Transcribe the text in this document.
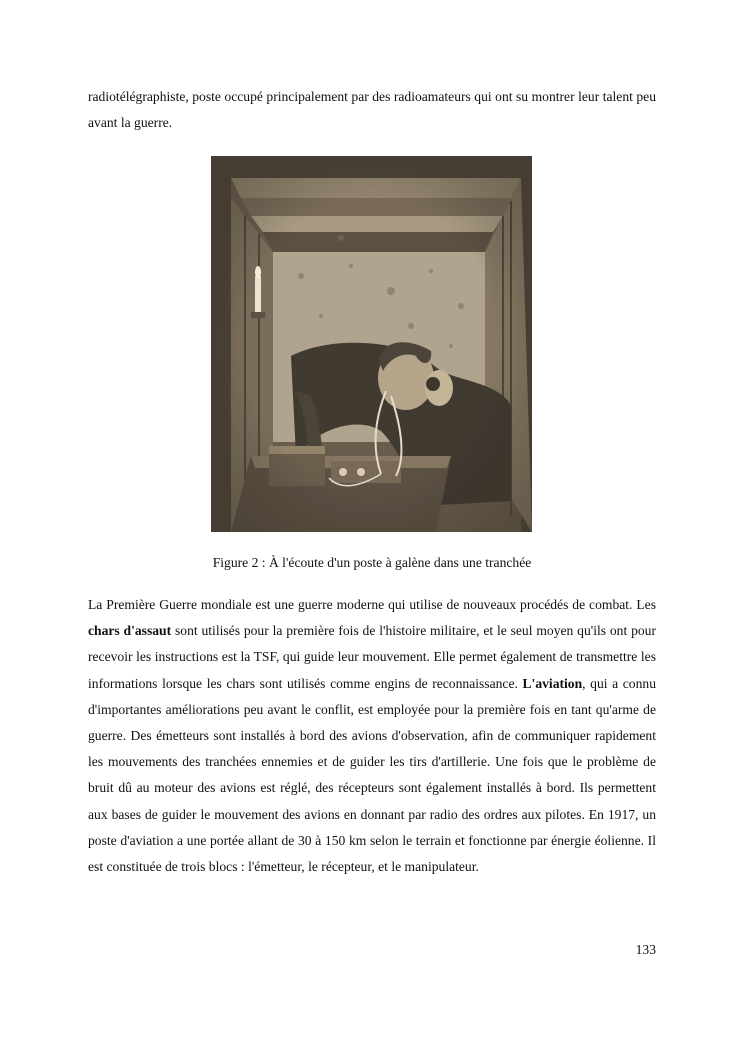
radiotélégraphiste, poste occupé principalement par des radioamateurs qui ont su montrer leur talent peu avant la guerre.

Figure 2 : À l'écoute d'un poste à galène dans une tranchée

La Première Guerre mondiale est une guerre moderne qui utilise de nouveaux procédés de combat. Les chars d'assaut sont utilisés pour la première fois de l'histoire militaire, et le seul moyen qu'ils ont pour recevoir les instructions est la TSF, qui guide leur mouvement. Elle permet également de transmettre les informations lorsque les chars sont utilisés comme engins de reconnaissance. L'aviation, qui a connu d'importantes améliorations peu avant le conflit, est employée pour la première fois en tant qu'arme de guerre. Des émetteurs sont installés à bord des avions d'observation, afin de communiquer rapidement les mouvements des tranchées ennemies et de guider les tirs d'artillerie. Une fois que le problème de bruit dû au moteur des avions est réglé, des récepteurs sont également installés à bord. Ils permettent aux bases de guider le mouvement des avions en donnant par radio des ordres aux pilotes. En 1917, un poste d'aviation a une portée allant de 30 à 150 km selon le terrain et fonctionne par énergie éolienne. Il est constituée de trois blocs : l'émetteur, le récepteur, et le manipulateur.

133
